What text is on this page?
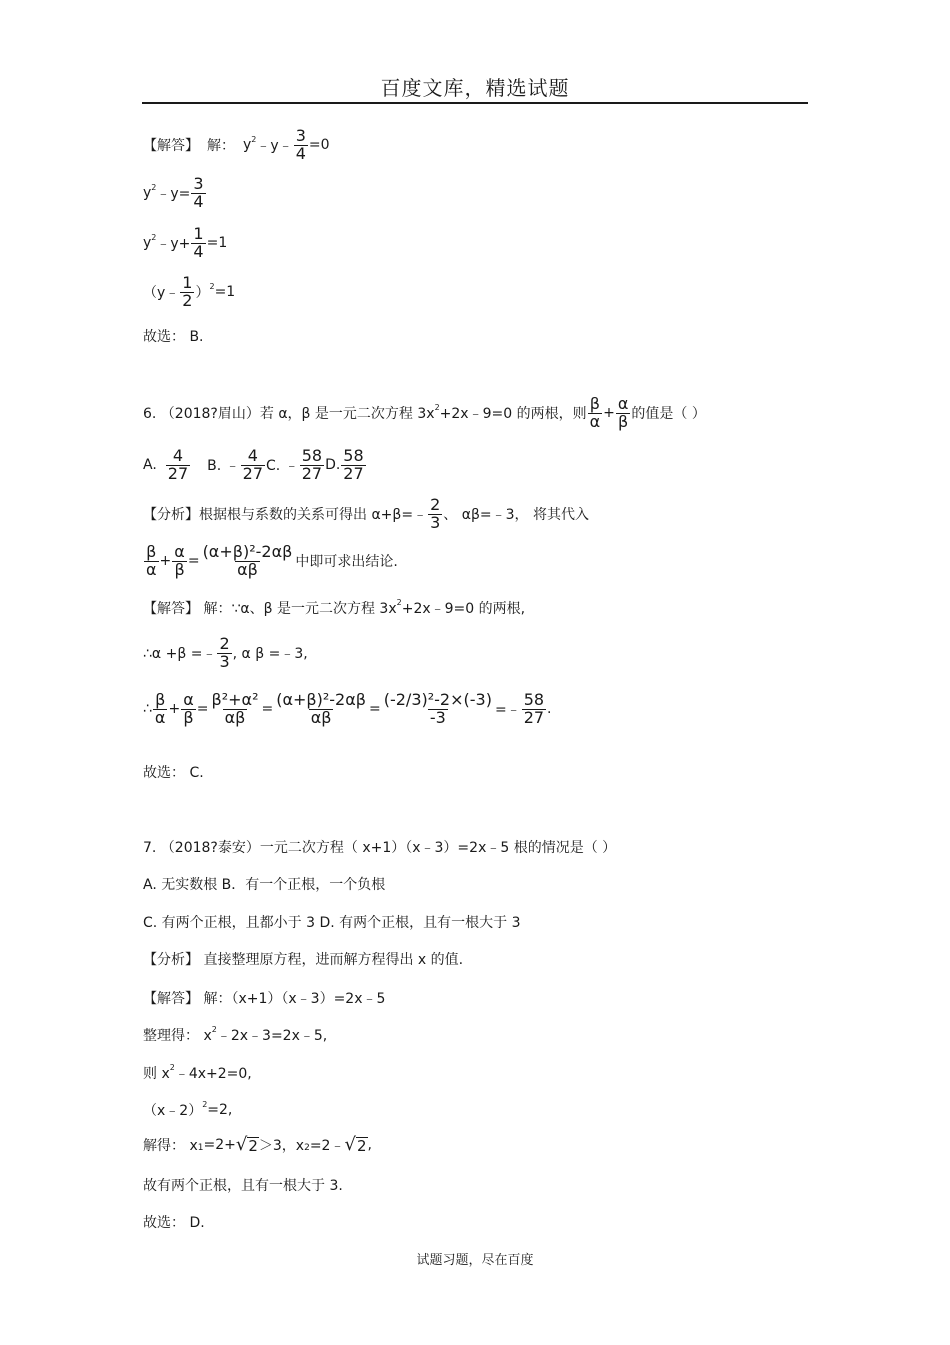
百度文库，精选试题
【解答】 解： $y^2$ ﹣y﹣ $\frac{3}{4} =0$
$y^2$ ﹣y= $\frac{3}{4}$
$y^2$ ﹣y+ $\frac{1}{4} =1$
（y﹣ $\frac{1}{2} )^2 =1$
故选： B.
6. （2018?眉山）若 α，β 是一元二次方程 $3x^2$ +2x﹣9=0 的两根，则 $\frac{\beta}{\alpha} + \frac{\alpha}{\beta}$ 的值是（ ）
A. $\frac{4}{27} B$. ﹣ $\frac{4}{27} C$. ﹣ $\frac{58}{27} D$. $\frac{58}{27}$
【分析】根据根与系数的关系可得出 α+β=﹣ $\frac{2}{3}$ 、 αβ=﹣3， 将其代入
$\frac{\beta}{\alpha} + \frac{\alpha}{\beta} = \frac{\text{(α+β)²-2αβ}}{\alpha\beta}$ 中即可求出结论.
【解答】 解：∵α、β 是一元二次方程 $3x^2$ +2x﹣9=0 的两根,
∴α +β =﹣ $\frac{2}{3}$ , α β =﹣3,
∴ $\frac{\beta}{\alpha} + \frac{\alpha}{\beta} = \frac{\text{β²+α²}}{\alpha\beta} = \frac{\text{(α+β)²-2αβ}}{\alpha\beta} = \frac{\text{(-2/3)²-2×(-3)}}{-3}$ =﹣ $\frac{58}{27}$ .
故选： C.
7. （2018?泰安）一元二次方程（ x+1）（x﹣3）=2x﹣5 根的情况是（ ）
A. 无实数根 B．有一个正根，一个负根
C. 有两个正根，且都小于 3 D. 有两个正根，且有一根大于 3
【分析】 直接整理原方程，进而解方程得出 x 的值.
【解答】 解：（x+1）（x﹣3）=2x﹣5
整理得： $x^2$ ﹣2x﹣3=2x﹣5,
则 $x^2$ ﹣4x+2=0,
（x﹣2）$^2$ =2,
解得： $x_1 =2+$ √ 2 ＞3，$x_2$ =2﹣ √ 2 ,
故有两个正根，且有一根大于 3.
故选： D.
试题习题，尽在百度
